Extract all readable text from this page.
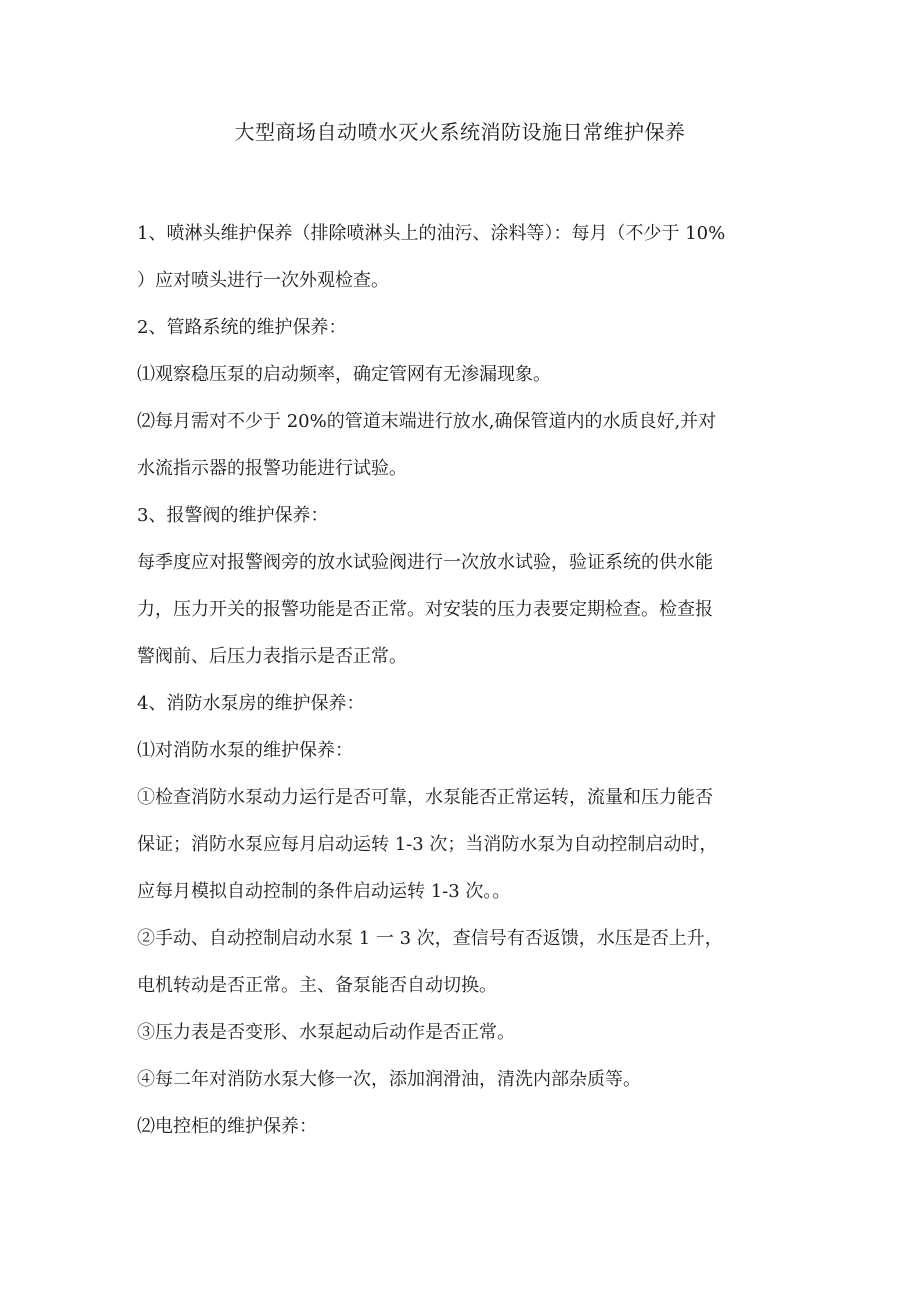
大型商场自动喷水灭火系统消防设施日常维护保养
1、喷淋头维护保养（排除喷淋头上的油污、涂料等）：每月（不少于 10%
）应对喷头进行一次外观检查。
2、管路系统的维护保养：
⑴观察稳压泵的启动频率，确定管网有无渗漏现象。
⑵每月需对不少于 20%的管道末端进行放水,确保管道内的水质良好,并对
水流指示器的报警功能进行试验。
3、报警阀的维护保养：
每季度应对报警阀旁的放水试验阀进行一次放水试验，验证系统的供水能
力，压力开关的报警功能是否正常。对安装的压力表要定期检查。检查报
警阀前、后压力表指示是否正常。
4、消防水泵房的维护保养：
⑴对消防水泵的维护保养：
①检查消防水泵动力运行是否可靠，水泵能否正常运转，流量和压力能否
保证；消防水泵应每月启动运转 1-3 次；当消防水泵为自动控制启动时，
应每月模拟自动控制的条件启动运转 1-3 次。。
②手动、自动控制启动水泵 1 一 3 次，查信号有否返馈，水压是否上升，
电机转动是否正常。主、备泵能否自动切换。
③压力表是否变形、水泵起动后动作是否正常。
④每二年对消防水泵大修一次，添加润滑油，清洗内部杂质等。
⑵电控柜的维护保养：
